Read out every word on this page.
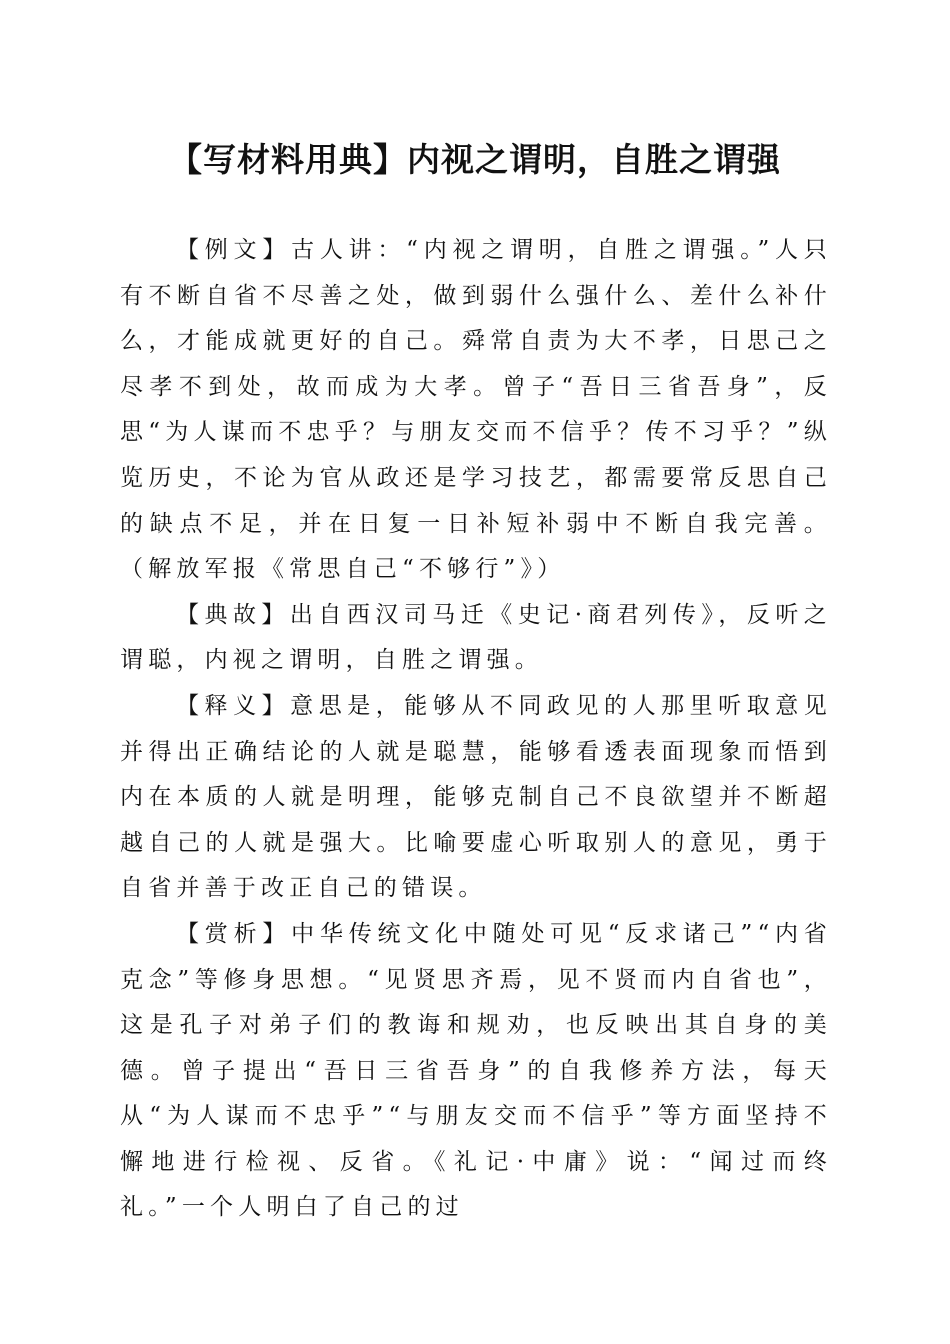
【写材料用典】内视之谓明，自胜之谓强

【例文】古人讲：“内视之谓明，自胜之谓强。”人只有不断自省不尽善之处，做到弱什么强什么、差什么补什么，才能成就更好的自己。舜常自责为大不孝，日思己之尽孝不到处，故而成为大孝。曾子“吾日三省吾身”，反思“为人谋而不忠乎？与朋友交而不信乎？传不习乎？”纵览历史，不论为官从政还是学习技艺，都需要常反思自己的缺点不足，并在日复一日补短补弱中不断自我完善。（解放军报《常思自己“不够行”》）

【典故】出自西汉司马迁《史记·商君列传》，反听之谓聪，内视之谓明，自胜之谓强。

【释义】意思是，能够从不同政见的人那里听取意见并得出正确结论的人就是聪慧，能够看透表面现象而悟到内在本质的人就是明理，能够克制自己不良欲望并不断超越自己的人就是强大。比喻要虚心听取别人的意见，勇于自省并善于改正自己的错误。

【赏析】中华传统文化中随处可见“反求诸己”“内省克念”等修身思想。“见贤思齐焉，见不贤而内自省也”，这是孔子对弟子们的教诲和规劝，也反映出其自身的美德。曾子提出“吾日三省吾身”的自我修养方法，每天从“为人谋而不忠乎”“与朋友交而不信乎”等方面坚持不懈地进行检视、反省。《礼记·中庸》说：“闻过而终礼。”一个人明白了自己的过
